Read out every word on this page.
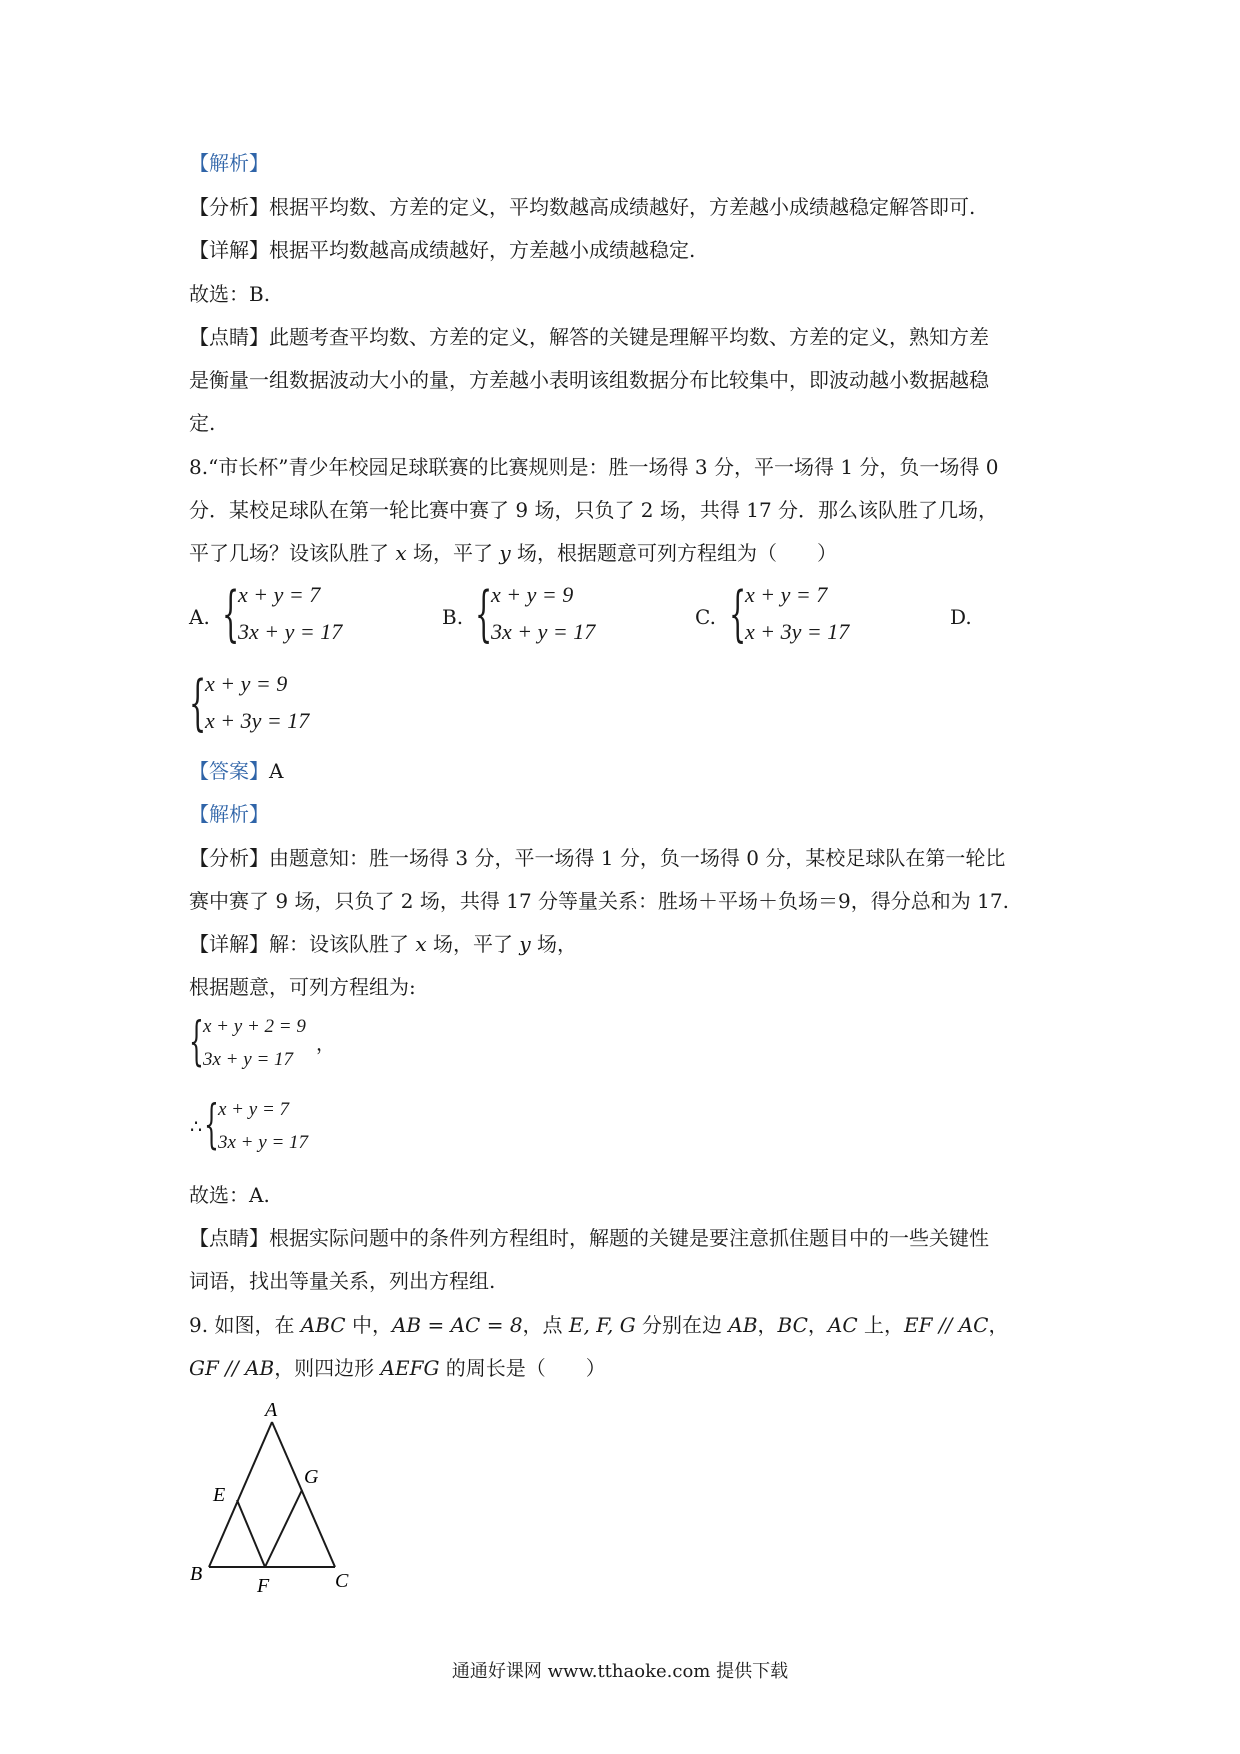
【解析】
【分析】根据平均数、方差的定义，平均数越高成绩越好，方差越小成绩越稳定解答即可.
【详解】根据平均数越高成绩越好，方差越小成绩越稳定.
故选：B.
【点睛】此题考查平均数、方差的定义，解答的关键是理解平均数、方差的定义，熟知方差
是衡量一组数据波动大小的量，方差越小表明该组数据分布比较集中，即波动越小数据越稳
定.
8.“市长杯”青少年校园足球联赛的比赛规则是：胜一场得 3 分，平一场得 1 分，负一场得 0
分．某校足球队在第一轮比赛中赛了 9 场，只负了 2 场，共得 17 分．那么该队胜了几场，
平了几场？设该队胜了 x 场，平了 y 场，根据题意可列方程组为（　　）
A. {
x + y = 7
3x + y = 17
B. {
x + y = 9
3x + y = 17
C. {
x + y = 7
x + 3y = 17
D.
{
x + y = 9
x + 3y = 17
【答案】A
【解析】
【分析】由题意知：胜一场得 3 分，平一场得 1 分，负一场得 0 分，某校足球队在第一轮比
赛中赛了 9 场，只负了 2 场，共得 17 分等量关系：胜场＋平场＋负场＝9，得分总和为 17.
【详解】解：设该队胜了 x 场，平了 y 场，
根据题意，可列方程组为:
{ x + y + 2 = 9
3x + y = 17
，
∴ { x + y = 7
3x + y = 17
故选：A.
【点睛】根据实际问题中的条件列方程组时，解题的关键是要注意抓住题目中的一些关键性
词语，找出等量关系，列出方程组.
9. 如图，在 ABC 中，AB = AC = 8，点 E, F, G 分别在边 AB，BC，AC 上，EF // AC，
GF // AB，则四边形 AEFG 的周长是（　　）
A
B	C
E
F
G
通通好课网 www.tthaoke.com 提供下载
